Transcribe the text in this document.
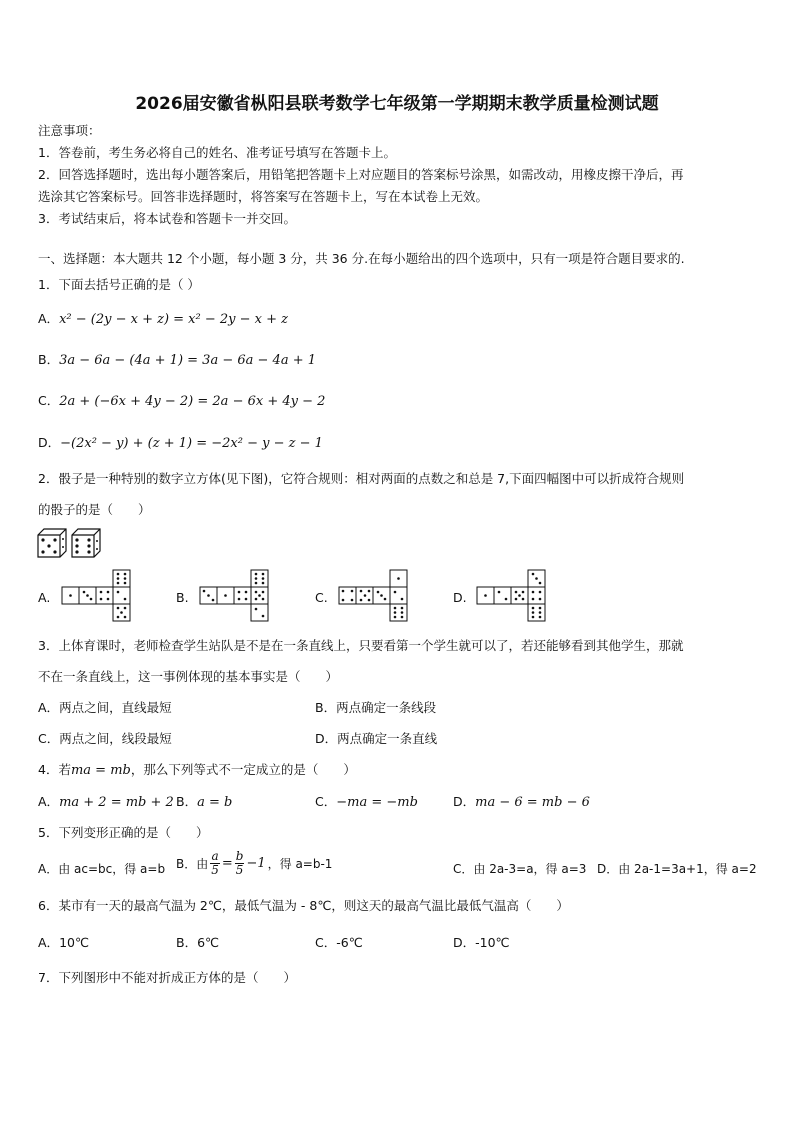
2026届安徽省枞阳县联考数学七年级第一学期期末教学质量检测试题
注意事项：
1．答卷前，考生务必将自己的姓名、准考证号填写在答题卡上。
2．回答选择题时，选出每小题答案后，用铅笔把答题卡上对应题目的答案标号涂黑，如需改动，用橡皮擦干净后，再
选涂其它答案标号。回答非选择题时，将答案写在答题卡上，写在本试卷上无效。
3．考试结束后，将本试卷和答题卡一并交回。
一、选择题：本大题共 12 个小题，每小题 3 分，共 36 分.在每小题给出的四个选项中，只有一项是符合题目要求的.
1．下面去括号正确的是（ ）
A．x² − (2y − x + z) = x² − 2y − x + z
B．3a − 6a − (4a + 1) = 3a − 6a − 4a + 1
C．2a + (−6x + 4y − 2) = 2a − 6x + 4y − 2
D．−(2x² − y) + (z + 1) = −2x² − y − z − 1
2．骰子是一种特别的数字立方体(见下图)，它符合规则：相对两面的点数之和总是 7,下面四幅图中可以折成符合规则
的骰子的是（　　）
A.	B.	C.	D.
3．上体育课时，老师检查学生站队是不是在一条直线上，只要看第一个学生就可以了，若还能够看到其他学生，那就
不在一条直线上，这一事例体现的基本事实是（　　）
A．两点之间，直线最短	B．两点确定一条线段
C．两点之间，线段最短	D．两点确定一条直线
4．若ma = mb，那么下列等式不一定成立的是（　　）
A．ma + 2 = mb + 2 B．a = b	C．−ma = −mb	D．ma − 6 = mb − 6
5．下列变形正确的是（　　）
A．由 ac=bc，得 a=b B．由 $\frac{a}{5} = \frac{b}{5} -1$ ，得 a=b-1	C．由 2a-3=a，得 a=3 D．由 2a-1=3a+1，得 a=2
6．某市有一天的最高气温为 2℃，最低气温为 - 8℃，则这天的最高气温比最低气温高（　　）
A．10℃	B．6℃	C．-6℃	D．-10℃
7．下列图形中不能对折成正方体的是（　　）
